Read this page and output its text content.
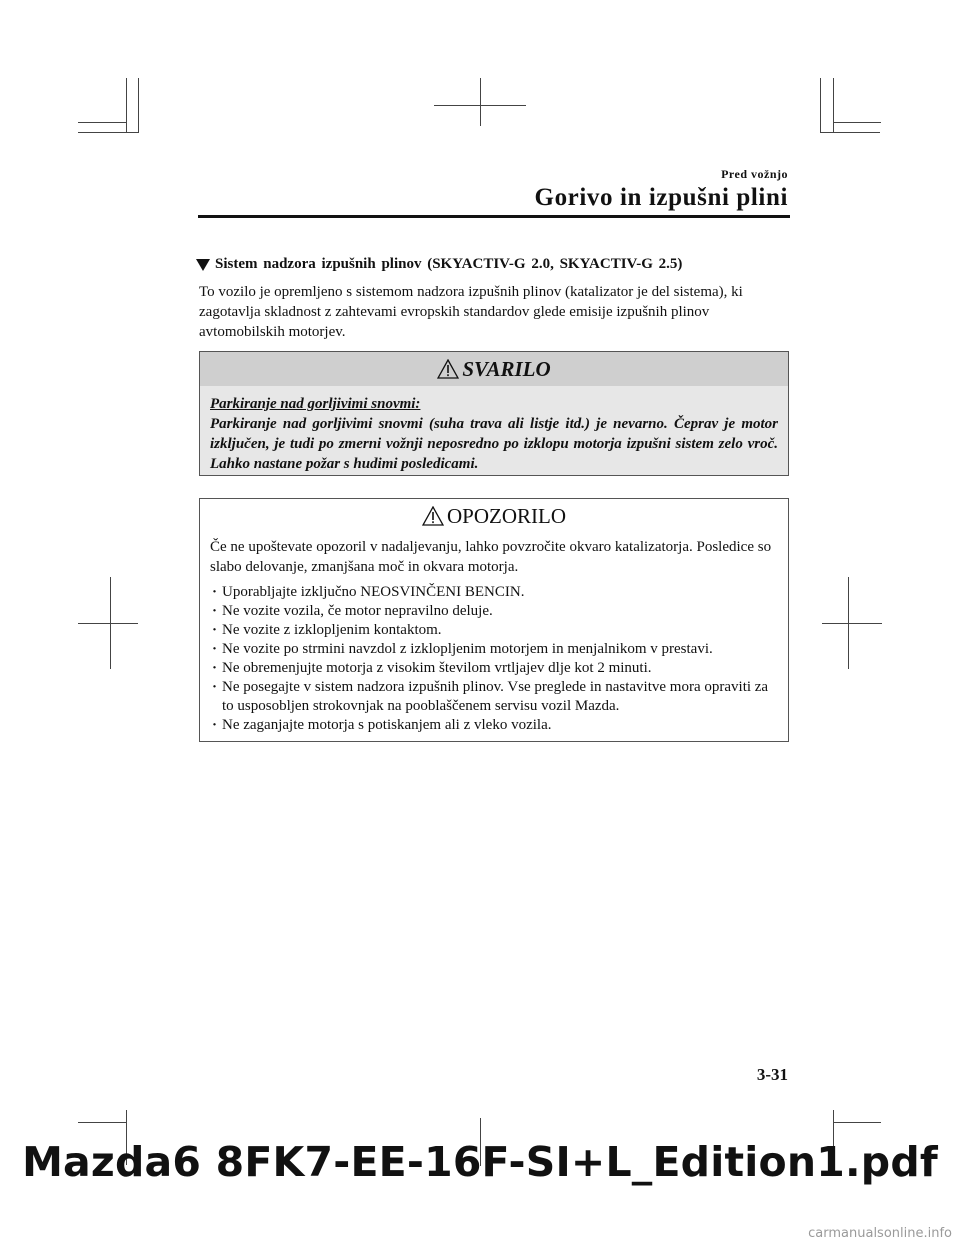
Pred vožnjo
Gorivo in izpušni plini
Sistem nadzora izpušnih plinov (SKYACTIV-G 2.0, SKYACTIV-G 2.5)
To vozilo je opremljeno s sistemom nadzora izpušnih plinov (katalizator je del sistema), ki zagotavlja skladnost z zahtevami evropskih standardov glede emisije izpušnih plinov avtomobilskih motorjev.
SVARILO
Parkiranje nad gorljivimi snovmi:
Parkiranje nad gorljivimi snovmi (suha trava ali listje itd.) je nevarno. Čeprav je motor izključen, je tudi po zmerni vožnji neposredno po izklopu motorja izpušni sistem zelo vroč. Lahko nastane požar s hudimi posledicami.
OPOZORILO

Če ne upoštevate opozoril v nadaljevanju, lahko povzročite okvaro katalizatorja. Posledice so slabo delovanje, zmanjšana moč in okvara motorja.

· Uporabljajte izključno NEOSVINČENI BENCIN.
· Ne vozite vozila, če motor nepravilno deluje.
· Ne vozite z izklopljenim kontaktom.
· Ne vozite po strmini navzdol z izklopljenim motorjem in menjalnikom v prestavi.
· Ne obremenjujte motorja z visokim številom vrtljajev dlje kot 2 minuti.
· Ne posegajte v sistem nadzora izpušnih plinov. Vse preglede in nastavitve mora opraviti za to usposobljen strokovnjak na pooblaščenem servisu vozil Mazda.
· Ne zaganjajte motorja s potiskanjem ali z vleko vozila.
3-31
Mazda6 8FK7-EE-16F-SI+L_Edition1.pdf
carmanualsonline.info
